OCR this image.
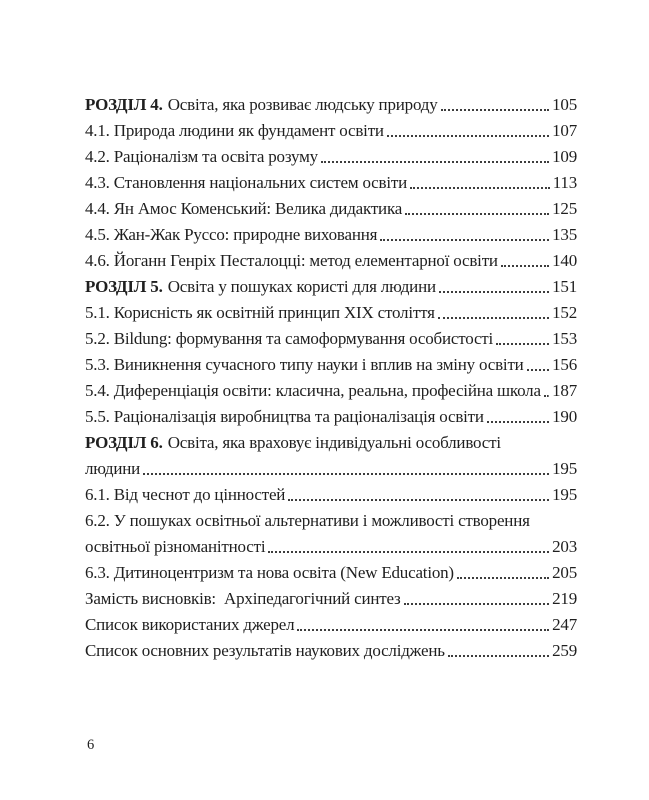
РОЗДІЛ 4. Освіта, яка розвиває людську природу	105
4.1. Природа людини як фундамент освіти	107
4.2. Раціоналізм та освіта розуму	109
4.3. Становлення національних систем освіти	113
4.4. Ян Амос Коменський: Велика дидактика	125
4.5. Жан-Жак Руссо: природне виховання	135
4.6. Йоганн Генріх Песталоцці: метод елементарної освіти	140
РОЗДІЛ 5. Освіта у пошуках користі для людини	151
5.1. Корисність як освітній принцип XIX століття	152
5.2. Bildung: формування та самоформування особистості	153
5.3. Виникнення сучасного типу науки і вплив на зміну освіти 156
5.4. Диференціація освіти: класична, реальна, професійна школа 187
5.5. Раціоналізація виробництва та раціоналізація освіти	190
РОЗДІЛ 6. Освіта, яка враховує індивідуальні особливості
людини	195
6.1. Від чеснот до цінностей	195
6.2. У пошуках освітньої альтернативи і можливості створення
освітньої різноманітності	203
6.3. Дитиноцентризм та нова освіта (New Education)	205
Замість висновків:  Архіпедагогічний синтез	219
Список використаних джерел	247
Список основних результатів наукових досліджень	259
6
